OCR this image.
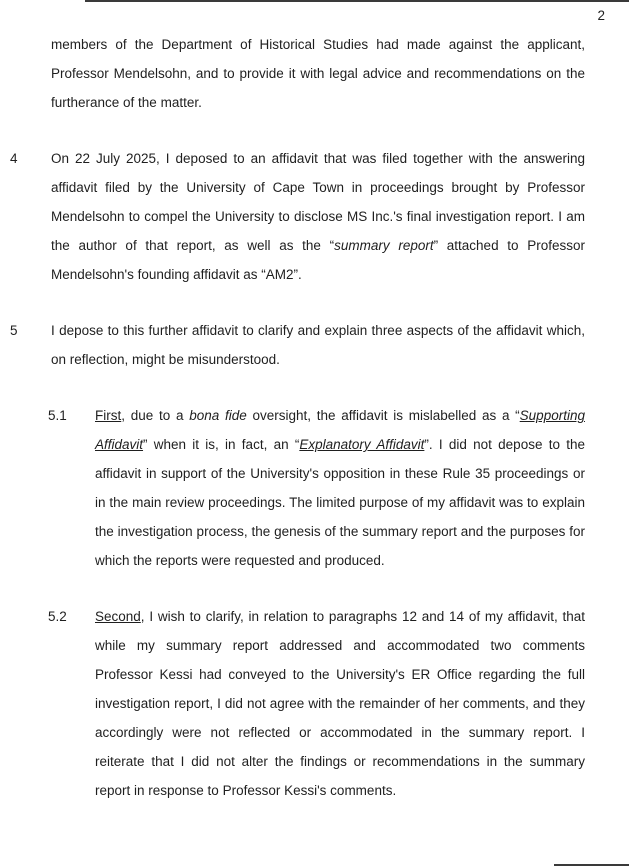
2
members of the Department of Historical Studies had made against the applicant, Professor Mendelsohn, and to provide it with legal advice and recommendations on the furtherance of the matter.
4	On 22 July 2025, I deposed to an affidavit that was filed together with the answering affidavit filed by the University of Cape Town in proceedings brought by Professor Mendelsohn to compel the University to disclose MS Inc.'s final investigation report. I am the author of that report, as well as the “summary report” attached to Professor Mendelsohn's founding affidavit as “AM2”.
5	I depose to this further affidavit to clarify and explain three aspects of the affidavit which, on reflection, might be misunderstood.
5.1	First, due to a bona fide oversight, the affidavit is mislabelled as a “Supporting Affidavit” when it is, in fact, an “Explanatory Affidavit”. I did not depose to the affidavit in support of the University's opposition in these Rule 35 proceedings or in the main review proceedings. The limited purpose of my affidavit was to explain the investigation process, the genesis of the summary report and the purposes for which the reports were requested and produced.
5.2	Second, I wish to clarify, in relation to paragraphs 12 and 14 of my affidavit, that while my summary report addressed and accommodated two comments Professor Kessi had conveyed to the University's ER Office regarding the full investigation report, I did not agree with the remainder of her comments, and they accordingly were not reflected or accommodated in the summary report. I reiterate that I did not alter the findings or recommendations in the summary report in response to Professor Kessi's comments.
